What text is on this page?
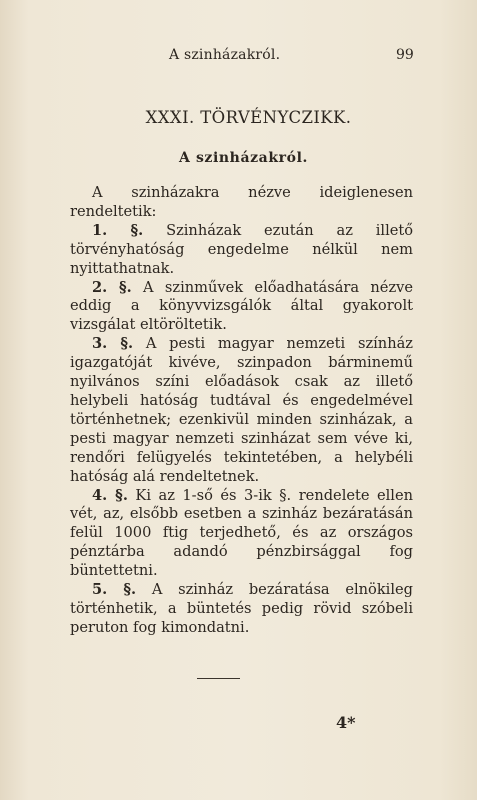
A szinházakról.	99
XXXI. TÖRVÉNYCZIKK.
A szinházakról.

A szinházakra nézve ideiglenesen rendeltetik:

1. §. Szinházak ezután az illető törvényhatóság engedelme nélkül nem nyittathatnak.

2. §. A szinművek előadhatására nézve eddig a könyvvizsgálók által gyakorolt vizsgálat eltöröltetik.

3. §. A pesti magyar nemzeti színház igazgatóját kivéve, szinpadon bárminemű nyilvános színi előadások csak az illető helybeli hatóság tudtával és engedelmével történhetnek; ezenkivül minden szinházak, a pesti magyar nemzeti szinházat sem véve ki, rendőri felügyelés tekintetében, a helybéli hatóság alá rendeltetnek.

4. §. Ki az 1-ső és 3-ik §. rendelete ellen vét, az, elsőbb esetben a szinház bezáratásán felül 1000 ftig terjedhető, és az országos pénztárba adandó pénzbirsággal fog büntettetni.

5. §. A szinház bezáratása elnökileg történhetik, a büntetés pedig rövid szóbeli peruton fog kimondatni.

4*
